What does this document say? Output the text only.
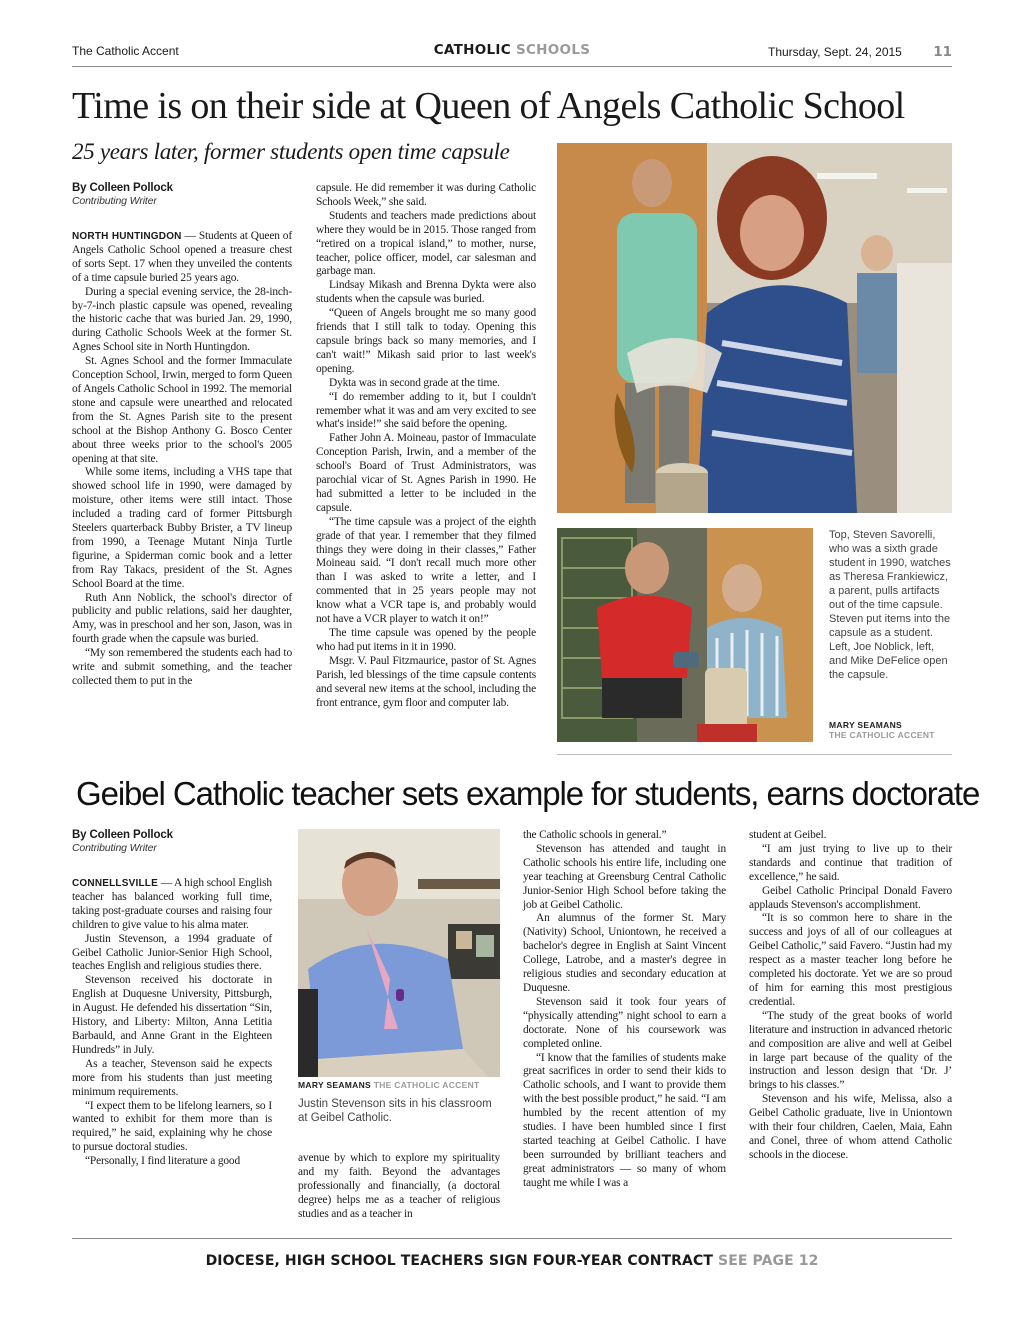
The Catholic Accent	CATHOLIC SCHOOLS	Thursday, Sept. 24, 2015 11
Time is on their side at Queen of Angels Catholic School
25 years later, former students open time capsule
By Colleen Pollock
Contributing Writer

NORTH HUNTINGDON — Students at Queen of Angels Catholic School opened a treasure chest of sorts Sept. 17 when they unveiled the contents of a time capsule buried 25 years ago.

During a special evening service, the 28-inch-by-7-inch plastic capsule was opened, revealing the historic cache that was buried Jan. 29, 1990, during Catholic Schools Week at the former St. Agnes School site in North Huntingdon.

St. Agnes School and the former Immaculate Conception School, Irwin, merged to form Queen of Angels Catholic School in 1992. The memorial stone and capsule were unearthed and relocated from the St. Agnes Parish site to the present school at the Bishop Anthony G. Bosco Center about three weeks prior to the school's 2005 opening at that site.

While some items, including a VHS tape that showed school life in 1990, were damaged by moisture, other items were still intact. Those included a trading card of former Pittsburgh Steelers quarterback Bubby Brister, a TV lineup from 1990, a Teenage Mutant Ninja Turtle figurine, a Spiderman comic book and a letter from Ray Takacs, president of the St. Agnes School Board at the time.

Ruth Ann Noblick, the school's director of publicity and public relations, said her daughter, Amy, was in preschool and her son, Jason, was in fourth grade when the capsule was buried.

“My son remembered the students each had to write and submit something, and the teacher collected them to put in the

capsule. He did remember it was during Catholic Schools Week,” she said.

Students and teachers made predictions about where they would be in 2015. Those ranged from “retired on a tropical island,” to mother, nurse, teacher, police officer, model, car salesman and garbage man.

Lindsay Mikash and Brenna Dykta were also students when the capsule was buried.

“Queen of Angels brought me so many good friends that I still talk to today. Opening this capsule brings back so many memories, and I can't wait!” Mikash said prior to last week's opening.

Dykta was in second grade at the time.

“I do remember adding to it, but I couldn't remember what it was and am very excited to see what's inside!” she said before the opening.

Father John A. Moineau, pastor of Immaculate Conception Parish, Irwin, and a member of the school's Board of Trust Administrators, was parochial vicar of St. Agnes Parish in 1990. He had submitted a letter to be included in the capsule.

“The time capsule was a project of the eighth grade of that year. I remember that they filmed things they were doing in their classes,” Father Moineau said. “I don't recall much more other than I was asked to write a letter, and I commented that in 25 years people may not know what a VCR tape is, and probably would not have a VCR player to watch it on!”

The time capsule was opened by the people who had put items in it in 1990.

Msgr. V. Paul Fitzmaurice, pastor of St. Agnes Parish, led blessings of the time capsule contents and several new items at the school, including the front entrance, gym floor and computer lab.

Top, Steven Savorelli, who was a sixth grade student in 1990, watches as Theresa Frankiewicz, a parent, pulls artifacts out of the time capsule. Steven put items into the capsule as a student. Left, Joe Noblick, left, and Mike DeFelice open the capsule.
MARY SEAMANS
THE CATHOLIC ACCENT
Geibel Catholic teacher sets example for students, earns doctorate
By Colleen Pollock
Contributing Writer

CONNELLSVILLE — A high school English teacher has balanced working full time, taking post-graduate courses and raising four children to give value to his alma mater.

Justin Stevenson, a 1994 graduate of Geibel Catholic Junior-Senior High School, teaches English and religious studies there.

Stevenson received his doctorate in English at Duquesne University, Pittsburgh, in August. He defended his dissertation “Sin, History, and Liberty: Milton, Anna Letitia Barbauld, and Anne Grant in the Eighteen Hundreds” in July.

As a teacher, Stevenson said he expects more from his students than just meeting minimum requirements.

“I expect them to be lifelong learners, so I wanted to exhibit for them more than is required,” he said, explaining why he chose to pursue doctoral studies.

“Personally, I find literature a good

MARY SEAMANS THE CATHOLIC ACCENT
Justin Stevenson sits in his classroom at Geibel Catholic.

avenue by which to explore my spirituality and my faith. Beyond the advantages professionally and financially, (a doctoral degree) helps me as a teacher of religious studies and as a teacher in

the Catholic schools in general.”

Stevenson has attended and taught in Catholic schools his entire life, including one year teaching at Greensburg Central Catholic Junior-Senior High School before taking the job at Geibel Catholic.

An alumnus of the former St. Mary (Nativity) School, Uniontown, he received a bachelor's degree in English at Saint Vincent College, Latrobe, and a master's degree in religious studies and secondary education at Duquesne.

Stevenson said it took four years of “physically attending” night school to earn a doctorate. None of his coursework was completed online.

“I know that the families of students make great sacrifices in order to send their kids to Catholic schools, and I want to provide them with the best possible product,” he said. “I am humbled by the recent attention of my studies. I have been humbled since I first started teaching at Geibel Catholic. I have been surrounded by brilliant teachers and great administrators — so many of whom taught me while I was a

student at Geibel.

“I am just trying to live up to their standards and continue that tradition of excellence,” he said.

Geibel Catholic Principal Donald Favero applauds Stevenson's accomplishment.

“It is so common here to share in the success and joys of all of our colleagues at Geibel Catholic,” said Favero. “Justin had my respect as a master teacher long before he completed his doctorate. Yet we are so proud of him for earning this most prestigious credential.

“The study of the great books of world literature and instruction in advanced rhetoric and composition are alive and well at Geibel in large part because of the quality of the instruction and lesson design that ‘Dr. J’ brings to his classes.”

Stevenson and his wife, Melissa, also a Geibel Catholic graduate, live in Uniontown with their four children, Caelen, Maia, Eahn and Conel, three of whom attend Catholic schools in the diocese.

DIOCESE, HIGH SCHOOL TEACHERS SIGN FOUR-YEAR CONTRACT SEE PAGE 12
